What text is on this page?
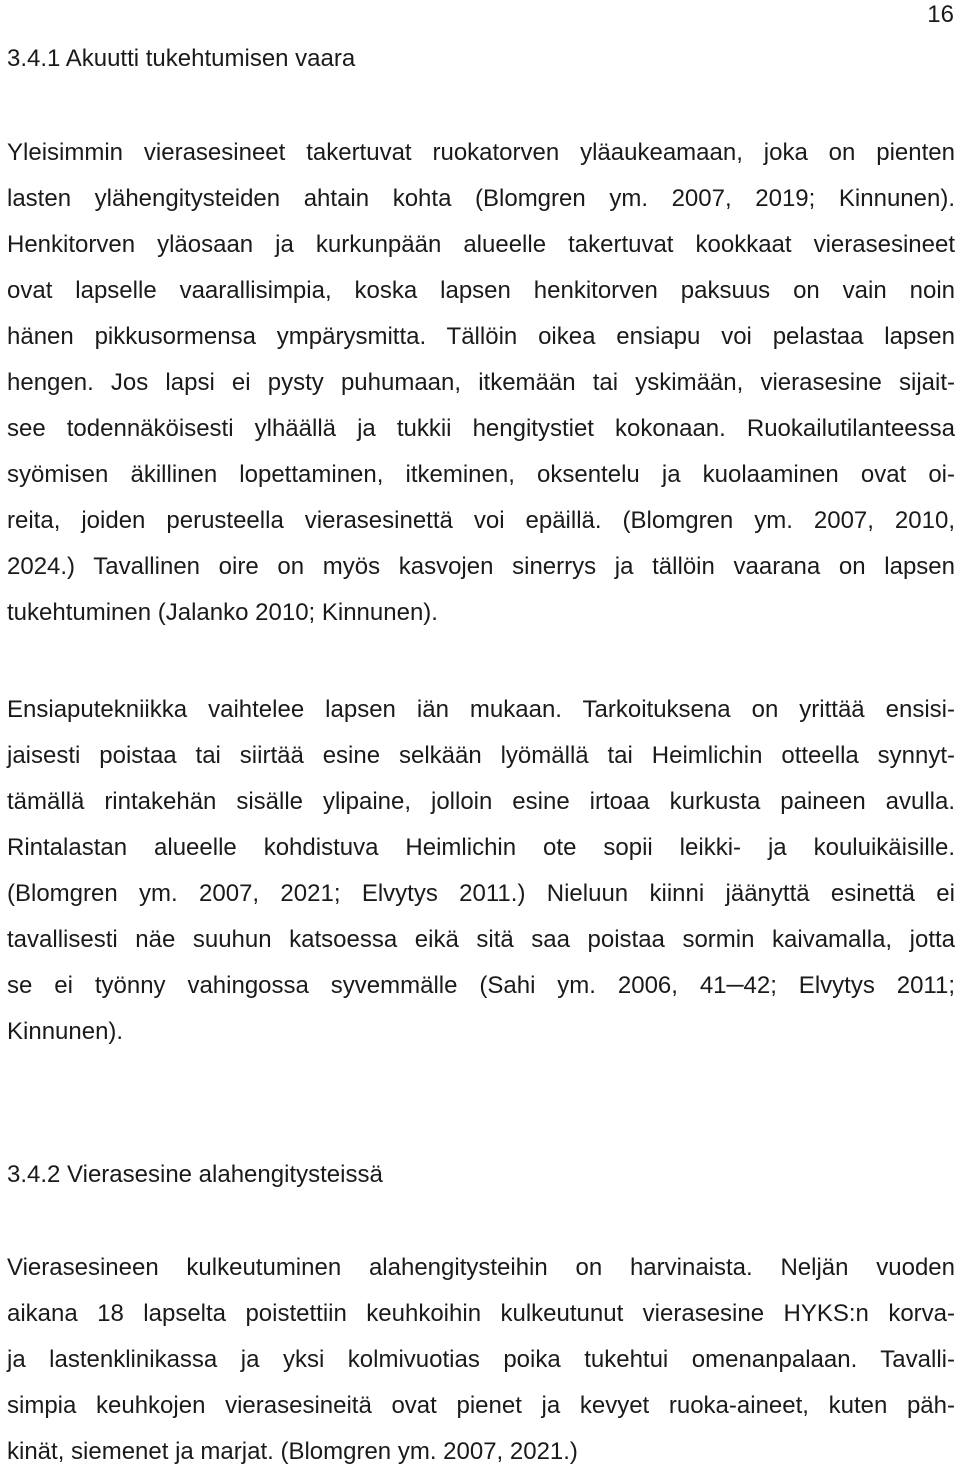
16
3.4.1 Akuutti tukehtumisen vaara
Yleisimmin vierasesineet takertuvat ruokatorven yläaukeamaan, joka on pienten
lasten ylähengitysteiden ahtain kohta (Blomgren ym. 2007, 2019; Kinnunen).
Henkitorven yläosaan ja kurkunpään alueelle takertuvat kookkaat vierasesineet
ovat lapselle vaarallisimpia, koska lapsen henkitorven paksuus on vain noin
hänen pikkusormensa ympärysmitta. Tällöin oikea ensiapu voi pelastaa lapsen
hengen. Jos lapsi ei pysty puhumaan, itkemään tai yskimään, vierasesine sijait-
see todennäköisesti ylhäällä ja tukkii hengitystiet kokonaan. Ruokailutilanteessa
syömisen äkillinen lopettaminen, itkeminen, oksentelu ja kuolaaminen ovat oi-
reita, joiden perusteella vierasesinettä voi epäillä. (Blomgren ym. 2007, 2010,
2024.) Tavallinen oire on myös kasvojen sinerrys ja tällöin vaarana on lapsen
tukehtuminen (Jalanko 2010; Kinnunen).
Ensiaputekniikka vaihtelee lapsen iän mukaan. Tarkoituksena on yrittää ensisi-
jaisesti poistaa tai siirtää esine selkään lyömällä tai Heimlichin otteella synnyt-
tämällä rintakehän sisälle ylipaine, jolloin esine irtoaa kurkusta paineen avulla.
Rintalastan alueelle kohdistuva Heimlichin ote sopii leikki- ja kouluikäisille.
(Blomgren ym. 2007, 2021; Elvytys 2011.) Nieluun kiinni jäänyttä esinettä ei
tavallisesti näe suuhun katsoessa eikä sitä saa poistaa sormin kaivamalla, jotta
se ei työnny vahingossa syvemmälle (Sahi ym. 2006, 41─42; Elvytys 2011;
Kinnunen).
3.4.2 Vierasesine alahengitysteissä
Vierasesineen kulkeutuminen alahengitysteihin on harvinaista. Neljän vuoden
aikana 18 lapselta poistettiin keuhkoihin kulkeutunut vierasesine HYKS:n korva-
ja lastenklinikassa ja yksi kolmivuotias poika tukehtui omenanpalaan. Tavalli-
simpia keuhkojen vierasesineitä ovat pienet ja kevyet ruoka-aineet, kuten päh-
kinät, siemenet ja marjat. (Blomgren ym. 2007, 2021.)
